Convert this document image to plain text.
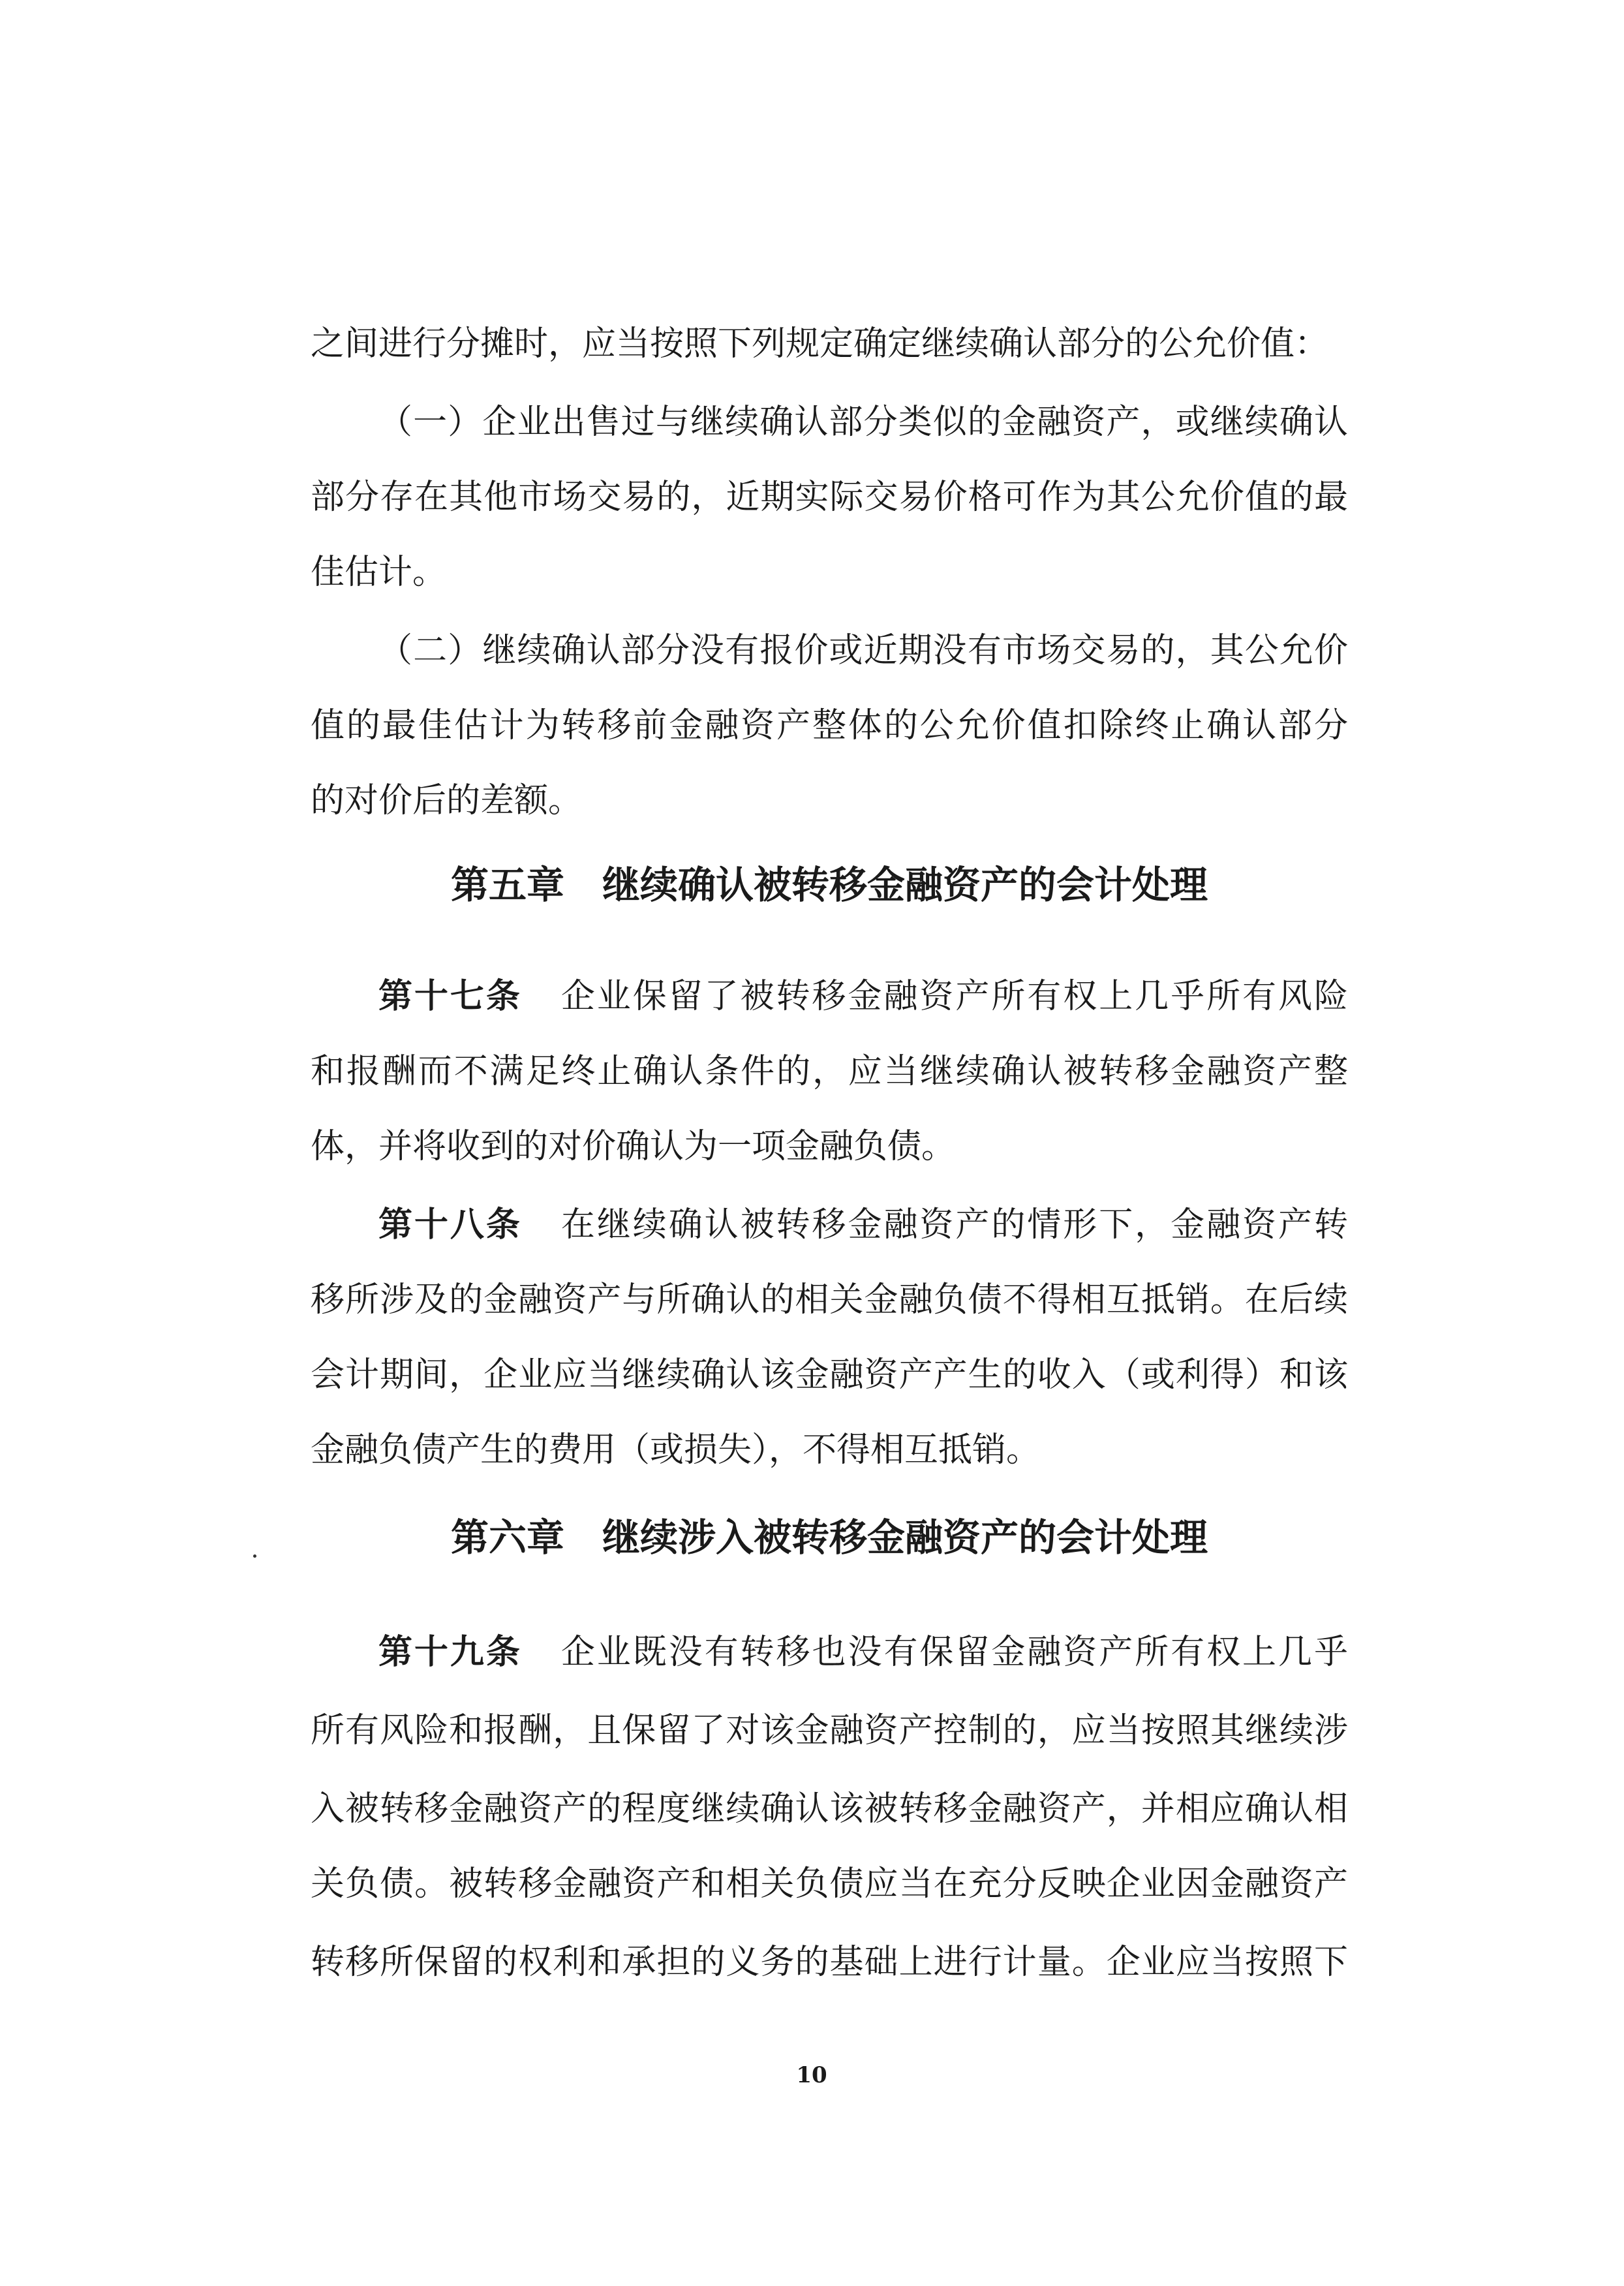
之间进行分摊时，应当按照下列规定确定继续确认部分的公允价值：
（一）企业出售过与继续确认部分类似的金融资产，或继续确认
部分存在其他市场交易的，近期实际交易价格可作为其公允价值的最
佳估计。
（二）继续确认部分没有报价或近期没有市场交易的，其公允价
值的最佳估计为转移前金融资产整体的公允价值扣除终止确认部分
的对价后的差额。
第五章　继续确认被转移金融资产的会计处理
第十七条 企业保留了被转移金融资产所有权上几乎所有风险
和报酬而不满足终止确认条件的，应当继续确认被转移金融资产整
体，并将收到的对价确认为一项金融负债。
第十八条 在继续确认被转移金融资产的情形下，金融资产转
移所涉及的金融资产与所确认的相关金融负债不得相互抵销。在后续
会计期间，企业应当继续确认该金融资产产生的收入（或利得）和该
金融负债产生的费用（或损失），不得相互抵销。
第六章　继续涉入被转移金融资产的会计处理
第十九条 企业既没有转移也没有保留金融资产所有权上几乎
所有风险和报酬，且保留了对该金融资产控制的，应当按照其继续涉
入被转移金融资产的程度继续确认该被转移金融资产，并相应确认相
关负债。被转移金融资产和相关负债应当在充分反映企业因金融资产
转移所保留的权利和承担的义务的基础上进行计量。企业应当按照下
10
